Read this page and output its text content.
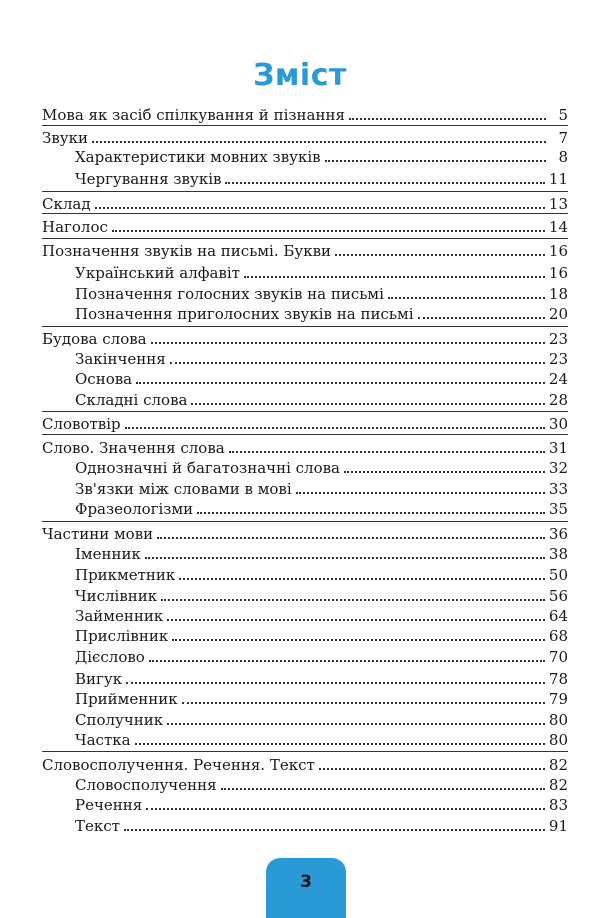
Зміст
Мова як засіб спілкування й пізнання	5
Звуки	7
Характеристики мовних звуків	8
Чергування звуків	11
Склад	13
Наголос	14
Позначення звуків на письмі. Букви	16
Український алфавіт	16
Позначення голосних звуків на письмі	18
Позначення приголосних звуків на письмі	20
Будова слова	23
Закінчення	23
Основа	24
Складні слова	28
Словотвір	30
Слово. Значення слова	31
Однозначні й багатозначні слова	32
Зв'язки між словами в мові	33
Фразеологізми	35
Частини мови	36
Іменник	38
Прикметник	50
Числівник	56
Займенник	64
Прислівник	68
Дієслово	70
Вигук	78
Прийменник	79
Сполучник	80
Частка	80
Словосполучення. Речення. Текст	82
Словосполучення	82
Речення	83
Текст	91
3
